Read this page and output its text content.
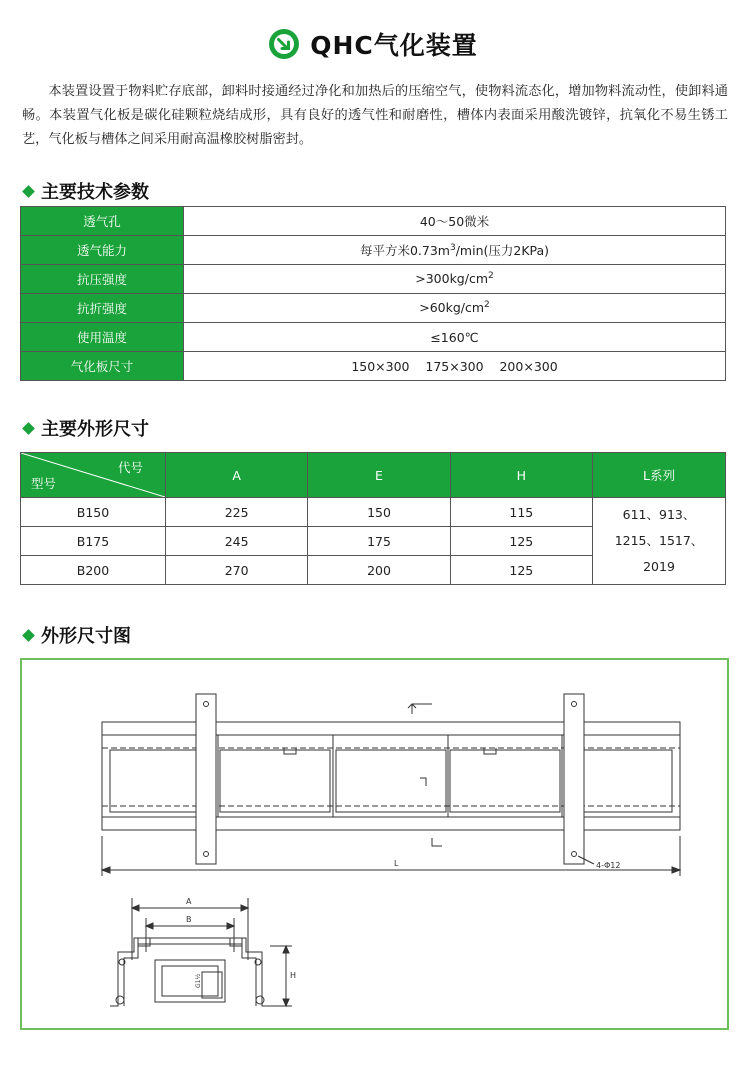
QHC气化装置
本装置设置于物料贮存底部，卸料时接通经过净化和加热后的压缩空气，使物料流态化，增加物料流动性，使卸料通畅。本装置气化板是碳化硅颗粒烧结成形，具有良好的透气性和耐磨性，槽体内表面采用酸洗镀锌，抗氧化不易生锈工艺，气化板与槽体之间采用耐高温橡胶树脂密封。
主要技术参数
透气孔	40～50微米
透气能力	每平方米$0.73m^3/\min$(压力2KPa)
抗压强度	$>300kg/cm^2$
抗折强度	$>60kg/cm^2$
使用温度	≤160℃
气化板尺寸	150×300    175×300    200×300
主要外形尺寸
代号
型号	A	E	H	L系列
B150	225	150	115	611、913、
1215、1517、
2019

B175	245	175	125	
B200	270	200	125	
外形尺寸图
L	4-Φ12
A
B
H
G1½
